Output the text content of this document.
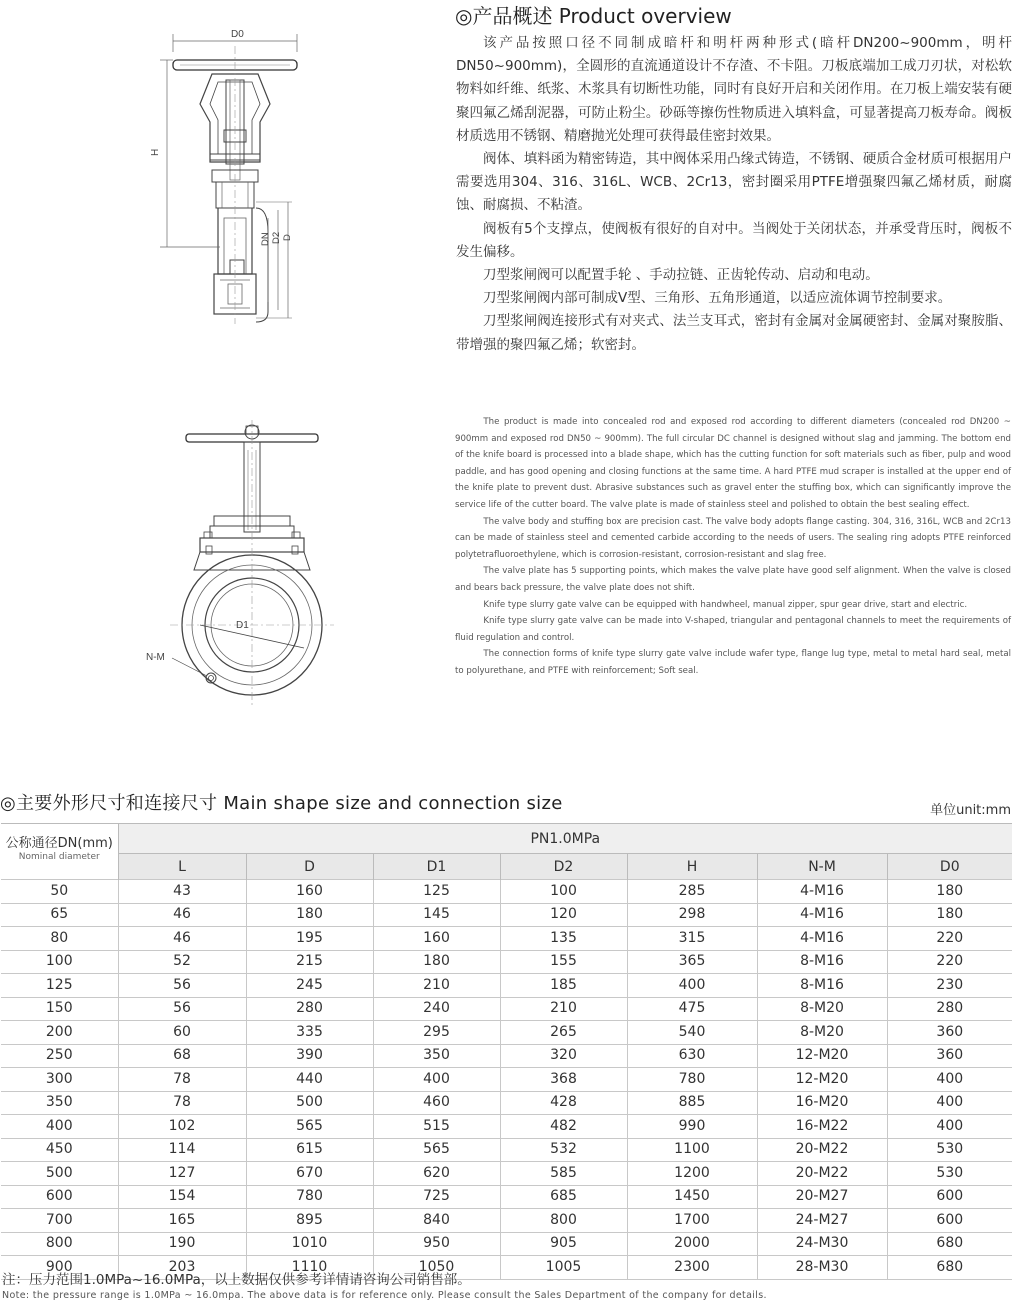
D0
H
DN D2 D
D1
N-M
◎产品概述 Product overview

该产品按照口径不同制成暗杆和明杆两种形式(暗杆DN200~900mm，明杆DN50~900mm)，全圆形的直流通道设计不存渣、不卡阻。刀板底端加工成刀刃状，对松软物料如纤维、纸浆、木浆具有切断性功能，同时有良好开启和关闭作用。在刀板上端安装有硬聚四氟乙烯刮泥器，可防止粉尘。砂砾等擦伤性物质进入填料盒，可显著提高刀板寿命。阀板材质选用不锈钢、精磨抛光处理可获得最佳密封效果。

阀体、填料函为精密铸造，其中阀体采用凸缘式铸造，不锈钢、硬质合金材质可根据用户需要选用304、316、316L、WCB、2Cr13，密封圈采用PTFE增强聚四氟乙烯材质，耐腐蚀、耐腐损、不粘渣。

阀板有5个支撑点，使阀板有很好的自对中。当阀处于关闭状态，并承受背压时，阀板不发生偏移。

刀型浆闸阀可以配置手轮 、手动拉链、正齿轮传动、启动和电动。

刀型浆闸阀内部可制成V型、三角形、五角形通道，以适应流体调节控制要求。

刀型浆闸阀连接形式有对夹式、法兰支耳式，密封有金属对金属硬密封、金属对聚胺脂、带增强的聚四氟乙烯；软密封。

The product is made into concealed rod and exposed rod according to different diameters (concealed rod DN200 ~ 900mm and exposed rod DN50 ~ 900mm). The full circular DC channel is designed without slag and jamming. The bottom end of the knife board is processed into a blade shape, which has the cutting function for soft materials such as fiber, pulp and wood paddle, and has good opening and closing functions at the same time. A hard PTFE mud scraper is installed at the upper end of the knife plate to prevent dust. Abrasive substances such as gravel enter the stuffing box, which can significantly improve the service life of the cutter board. The valve plate is made of stainless steel and polished to obtain the best sealing effect.

The valve body and stuffing box are precision cast. The valve body adopts flange casting. 304, 316, 316L, WCB and 2Cr13 can be made of stainless steel and cemented carbide according to the needs of users. The sealing ring adopts PTFE reinforced polytetrafluoroethylene, which is corrosion-resistant, corrosion-resistant and slag free.

The valve plate has 5 supporting points, which makes the valve plate have good self alignment. When the valve is closed and bears back pressure, the valve plate does not shift.

Knife type slurry gate valve can be equipped with handwheel, manual zipper, spur gear drive, start and electric.

Knife type slurry gate valve can be made into V-shaped, triangular and pentagonal channels to meet the requirements of fluid regulation and control.

The connection forms of knife type slurry gate valve include wafer type, flange lug type, metal to metal hard seal, metal to polyurethane, and PTFE with reinforcement; Soft seal.

◎主要外形尺寸和连接尺寸 Main shape size and connection size	单位unit:mm
公称通径DN(mm)
Nominal diameter	PN1.0MPa						
	L	D	D1	D2	H	N-M	D0
50	43	160	125	100	285	4-M16	180
65	46	180	145	120	298	4-M16	180
80	46	195	160	135	315	4-M16	220
100	52	215	180	155	365	8-M16	220
125	56	245	210	185	400	8-M16	230
150	56	280	240	210	475	8-M20	280
200	60	335	295	265	540	8-M20	360
250	68	390	350	320	630	12-M20	360
300	78	440	400	368	780	12-M20	400
350	78	500	460	428	885	16-M20	400
400	102	565	515	482	990	16-M22	400
450	114	615	565	532	1100	20-M22	530
500	127	670	620	585	1200	20-M22	530
600	154	780	725	685	1450	20-M27	600
700	165	895	840	800	1700	24-M27	600
800	190	1010	950	905	2000	24-M30	680
900	203	1110	1050	1005	2300	28-M30	680
注：压力范围1.0MPa~16.0MPa，以上数据仅供参考详情请咨询公司销售部。
Note: the pressure range is 1.0MPa ~ 16.0mpa. The above data is for reference only. Please consult the Sales Department of the company for details.
